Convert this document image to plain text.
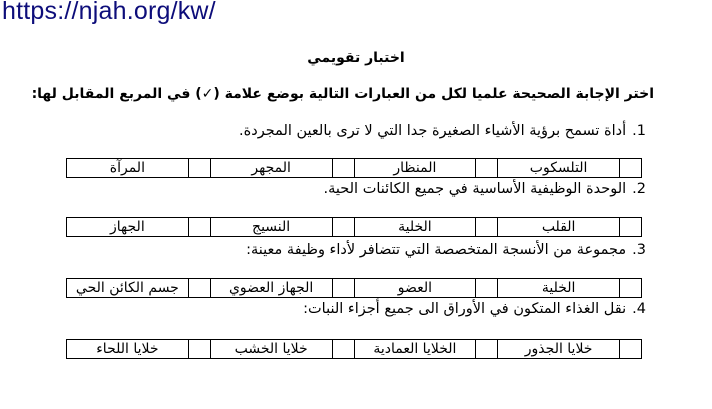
https://njah.org/kw/
اختبار تقويمي
اختر الإجابة الصحيحة علميا لكل من العبارات التالية بوضع علامة (✓) في المربع المقابل لها:
1.أداة تسمح برؤية الأشياء الصغيرة جدا التي لا ترى بالعين المجردة.
التلسكوب
المنظار
المجهر
المرآة
2.الوحدة الوظيفية الأساسية في جميع الكائنات الحية.
القلب
الخلية
النسيج
الجهاز
3.مجموعة من الأنسجة المتخصصة التي تتضافر لأداء وظيفة معينة:
الخلية
العضو
الجهاز العضوي
جسم الكائن الحي
4.نقل الغذاء المتكون في الأوراق الى جميع أجزاء النبات:
خلايا الجذور
الخلايا العمادية
خلايا الخشب
خلايا اللحاء
